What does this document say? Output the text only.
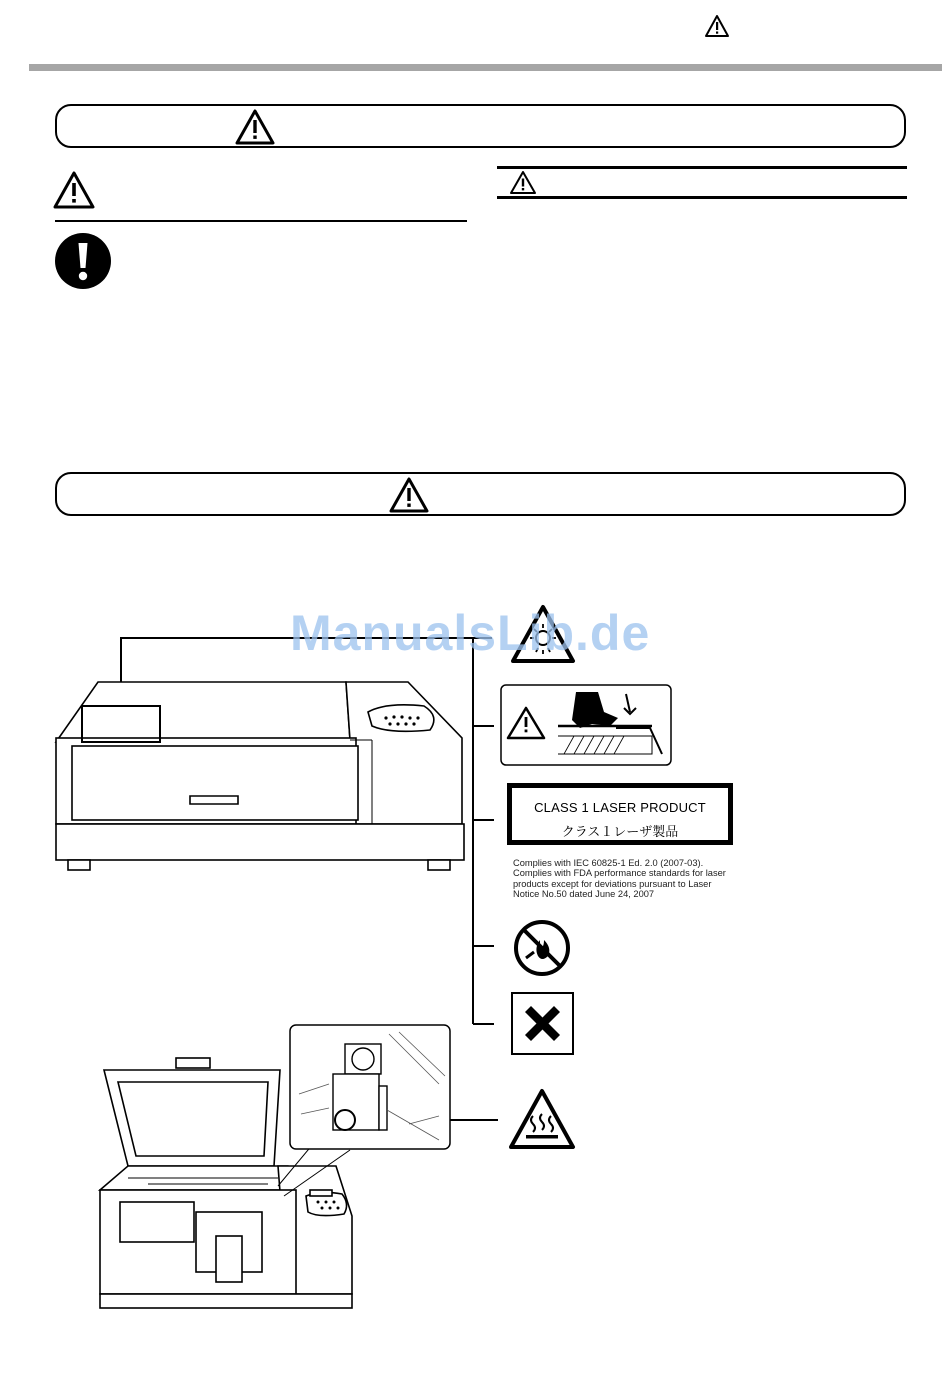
ManualsLib.de
CLASS 1 LASER PRODUCT
クラス１レーザ製品
Complies with IEC 60825-1 Ed. 2.0 (2007-03).
Complies with FDA performance standards for laser
products except for deviations pursuant to Laser
Notice No.50 dated June 24, 2007
